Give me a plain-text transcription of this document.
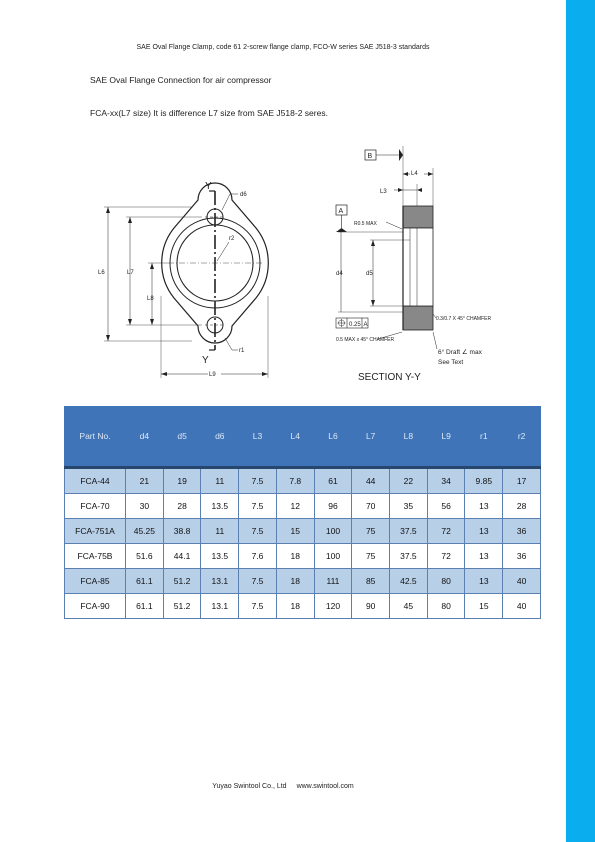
SAE Oval Flange Clamp, code 61 2-screw flange clamp, FCO-W series SAE J518-3 standards
SAE Oval Flange Connection for air compressor
FCA-xx(L7 size) It is difference L7 size from SAE J518-2 seres.
Y
Y
d6
r2
r1
L6	L7
L8
L9
B
L4
L3
A
R0.5 MAX
d4	d5
0.25 A
0.3/0.7 X 45° CHAMFER
0.5 MAX x 45° CHAMFER
6° Draft ∠ max
See Text
SECTION Y-Y
Part No.	d4	d5	d6	L3	L4	L6	L7	L8	L9	r1	r2
FCA-44	21	19	11	7.5	7.8	61	44	22	34	9.85	17
FCA-70	30	28	13.5	7.5	12	96	70	35	56	13	28
FCA-751A	45.25	38.8	11	7.5	15	100	75	37.5	72	13	36
FCA-75B	51.6	44.1	13.5	7.6	18	100	75	37.5	72	13	36
FCA-85	61.1	51.2	13.1	7.5	18	111	85	42.5	80	13	40
FCA-90	61.1	51.2	13.1	7.5	18	120	90	45	80	15	40
Yuyao Swintool Co., Ltd www.swintool.com
